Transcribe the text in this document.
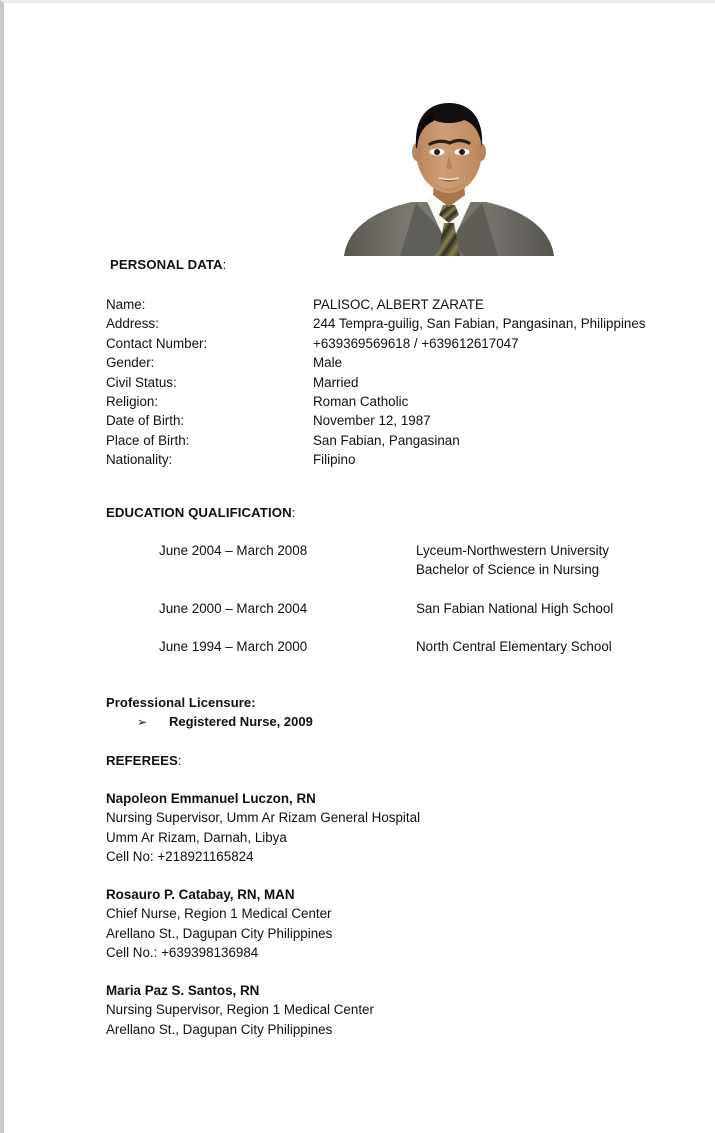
PERSONAL DATA:
Name:	PALISOC, ALBERT ZARATE
Address:	244 Tempra-guilig, San Fabian, Pangasinan, Philippines
Contact Number:	+639369569618 / +639612617047
Gender:	Male
Civil Status:	Married
Religion:	Roman Catholic
Date of Birth:	November 12, 1987
Place of Birth:	San Fabian, Pangasinan
Nationality:	Filipino
EDUCATION QUALIFICATION:
June 2004 – March 2008	Lyceum-Northwestern University
Bachelor of Science in Nursing

June 2000 – March 2004	San Fabian National High School
June 1994 – March 2000	North Central Elementary School
Professional Licensure:
➢ Registered Nurse, 2009
REFEREES:
Napoleon Emmanuel Luczon, RN
Nursing Supervisor, Umm Ar Rizam General Hospital
Umm Ar Rizam, Darnah, Libya
Cell No: +218921165824
Rosauro P. Catabay, RN, MAN
Chief Nurse, Region 1 Medical Center
Arellano St., Dagupan City Philippines
Cell No.: +639398136984
Maria Paz S. Santos, RN
Nursing Supervisor, Region 1 Medical Center
Arellano St., Dagupan City Philippines
